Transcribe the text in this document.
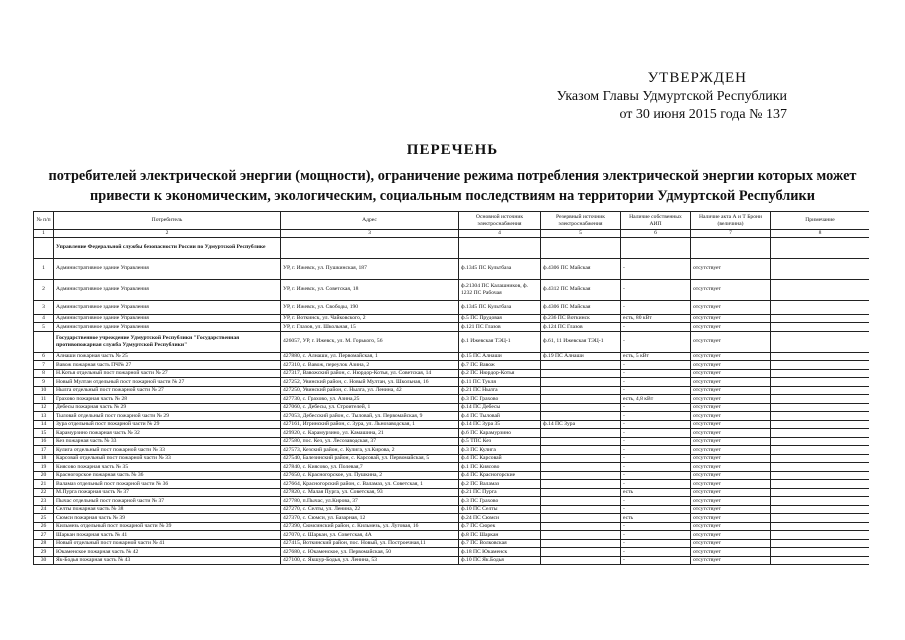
УТВЕРЖДЕН
Указом Главы Удмуртской Республики
от 30 июня 2015 года № 137
ПЕРЕЧЕНЬ
потребителей электрической энергии (мощности), ограничение режима потребления электрической энергии которых может привести к экономическим, экологическим, социальным последствиям на территории Удмуртской Республики
№ п/п	Потребитель	Адрес	Основной источник электроснабжения	Резервный источник электроснабжения	Наличие собственных АИП	Наличие акта А и Т Брони (величина)	Примечание
1	2	3	4	5	6	7	8
	Управление Федеральной службы безопасности России по Удмуртской Республике						
1	Административное здание Управления	УР, г. Ижевск, ул. Пушкинская, 187	ф.1345 ПС Культбаза	ф.4306 ПС Майская	-	отсутствует	
2	Административное здание Управления	УР, г. Ижевск, ул. Советская, 18	ф.21304 ПС Калашников, ф. 1232 ПС Рабочая	ф.4312 ПС Майская	-	отсутствует	
3	Административное здание Управления	УР, г. Ижевск, ул. Свободы, 190	ф.1345 ПС Культбаза	ф.4306 ПС Майская	-	отсутствует	
4	Административное здание Управления	УР, г. Воткинск, ул. Чайковского, 2	ф.5 ПС Прудовая	ф.236 ПС Воткинск	есть, 80 кВт	отсутствует	
5	Административное здание Управления	УР, г. Глазов, ул. Школьная, 15	ф.121 ПС Глазов	ф.124 ПС Глазов	-	отсутствует	
	Государственное учреждение Удмуртской Республики "Государственная противопожарная служба Удмуртской Республики"	426057, УР, г. Ижевск, ул. М. Горького, 56	ф.1 Ижевская ТЭЦ-1	ф.61, 11 Ижевская ТЭЦ-1	-	отсутствует	
6	Алнаши пожарная часть № 25	427880, с. Алнаши, ул. Первомайская, 1	ф.15 ПС Алнаши	ф.19 ПС Алнаши	есть, 5 кВт	отсутствует	
7	Вавож пожарная часть ПЧ№ 27	427310, с. Вавож, переулок Азина, 2	ф.7 ПС Вавож		-	отсутствует	
8	Н.Котья отдельный пост пожарной части № 27	427317, Вавожский район, с. Нюрдор-Котья, ул. Советская, 14	ф.2 ПС Нюрдор-Котья		-	отсутствует	
9	Новый Мултан отдельный пост пожарной части № 27	427252, Увинский район, с. Новый Мултан, ул. Школьная, 16	ф.11 ПС Тукля		-	отсутствует	
10	Нылга отдельный пост пожарной части № 27	427250, Увинский район, с. Нылга, ул. Ленина, 42	ф.21 ПС Нылга		-	отсутствует	
11	Грахово пожарная часть № 28	427730, с. Грахово, ул. Азина,25	ф.3 ПС Грахово		есть, 4,8 кВт	отсутствует	
12	Дебесы пожарная часть № 29	427060, с. Дебесы, ул. Строителей, 1	ф.14 ПС Дебесы		-	отсутствует	
13	Тыловай отдельный пост пожарной части № 29	427053, Дебесский район, с. Тыловай, ул. Первомайская, 9	ф.4 ПС Тыловай		-	отсутствует	
14	Зура отдельный пост пожарной части № 29	427161, Игринский район, с. Зура, ул. Льнозаводская, 1	ф.14 ПС Зура 35	ф.14 ПС Зура	-	отсутствует	
15	Карамурзино пожарная часть № 32	429920, с. Карамурзино, ул. Камашина, 21	ф.6 ПС Карамурзино		-	отсутствует	
16	Кез пожарная часть № 33	427580, пос. Кез, ул. Лесозаводская, 37	ф.5 ТПС Кез		-	отсутствует	
17	Кулига отдельный пост пожарной части № 33	427573, Кезский район, с. Кулига, ул.Кирова, 2	ф.3 ПС Кулига		-	отсутствует	
18	Карсовай отдельный пост пожарной части № 33	427540, Балезинский район, с. Карсовай, ул. Первомайская, 5	ф.4 ПС Карсовай		-	отсутствует	
19	Киясово пожарная часть № 35	427840, с. Киясово, ул. Полевая,7	ф.1 ПС Киясово		-	отсутствует	
20	Красногорское пожарная часть № 36	427650, с. Красногорское, ул. Пушкина, 2	ф.4 ПС Красногорские		-	отсутствует	
21	Валамаз отдельный пост пожарной части № 36	427664, Красногорский район, с. Валамаз, ул. Советская, 1	ф.2 ПС Валамаз		-	отсутствует	
22	М.Пурга пожарная часть № 37	427820, с. Малая Пурга, ул. Советская, 93	ф.21 ПС Пурга		есть	отсутствует	
23	Пычас отдельный пост пожарной части № 37	427780, п.Пычас, ул.Кирова, 37	ф.3 ПС Грахово		-	отсутствует	
24	Селты пожарная часть № 38	427270, с. Селты, ул. Ленина, 22	ф.10 ПС Селты		-	отсутствует	
25	Сюмси пожарная часть № 39	427370, с. Сюмси, ул. Базарная, 12	ф.24 ПС Сюмси		есть	отсутствует	
26	Кильмезь отдельный пост пожарной части № 39	427390, Сюмсинский район, с. Кильмезь, ул. Луговая, 16	ф.7 ПС Сюрек		-	отсутствует	
27	Шаркан пожарная часть № 41	427070, с. Шаркан, ул. Советская, 4А	ф.8 ПС Шаркан		-	отсутствует	
28	Новый отдельный пост пожарной части № 41	427415, Воткинский район, пос. Новый, ул. Построечная,11	ф.7 ПС Волковская		-	отсутствует	
29	Юкаменское пожарная часть № 42	427680, с. Юкаменское, ул. Первомайская, 50	ф.18 ПС Юкаменск		-	отсутствует	
30	Як-Бодья пожарная часть № 43	427100, с. Якшур-Бодья, ул. Ленина, 53	ф.10 ПС Як.Бодья		-	отсутствует	
